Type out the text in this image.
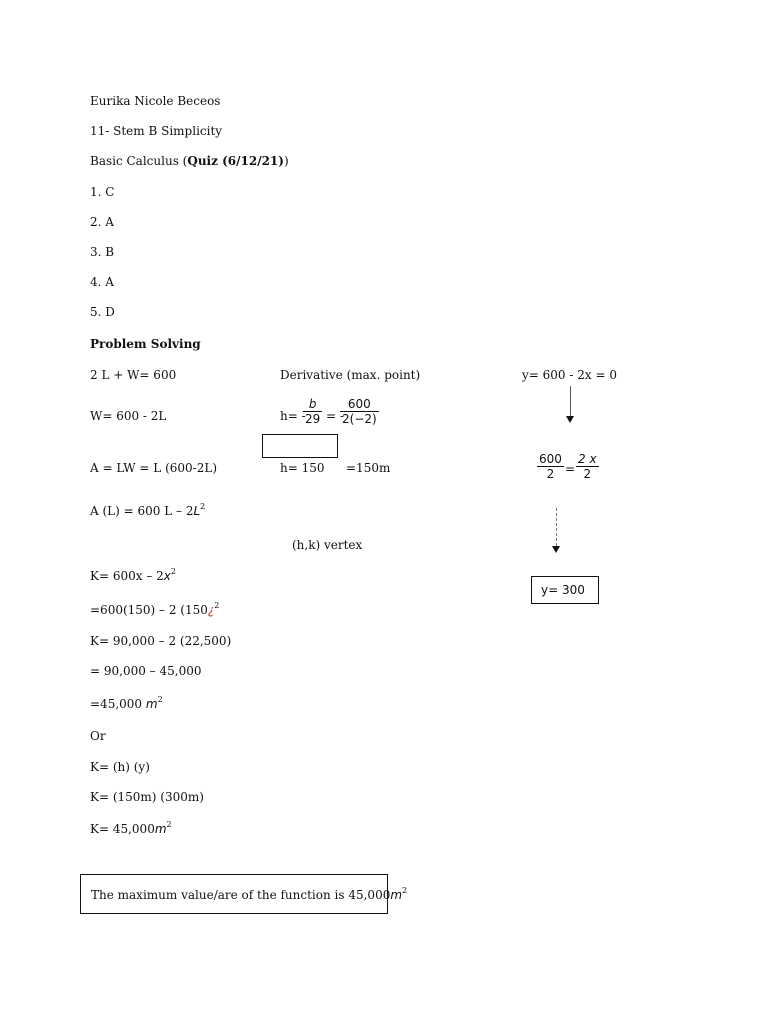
Eurika Nicole Beceos
11- Stem B Simplicity
Basic Calculus (Quiz (6/12/21))
1. C
2. A
3. B
4. A
5. D
Problem Solving
2 L + W= 600
W= 600 - 2L
A = LW = L (600-2L)
A (L) = 600 L – $2L^2$
$K= 600x - 2x^2$
=600(150) – 2 (150¿$^2$
K= 90,000 – 2 (22,500)
= 90,000 – 45,000
=45,000 $m^2$
Or
K= (h) (y)
K= (150m) (300m)
$K= 45,000m^2$
Derivative (max. point)
h= -
$\frac{b}{29}$ = -
$\frac{600}{2(-2)}$
h= 150 =150m
(h,k) vertex
y= 600 - 2x = 0
$\frac{600}{2} = \frac{2 x}{2}$
y= 300
The maximum value/are of the function is $45,000m^2$
